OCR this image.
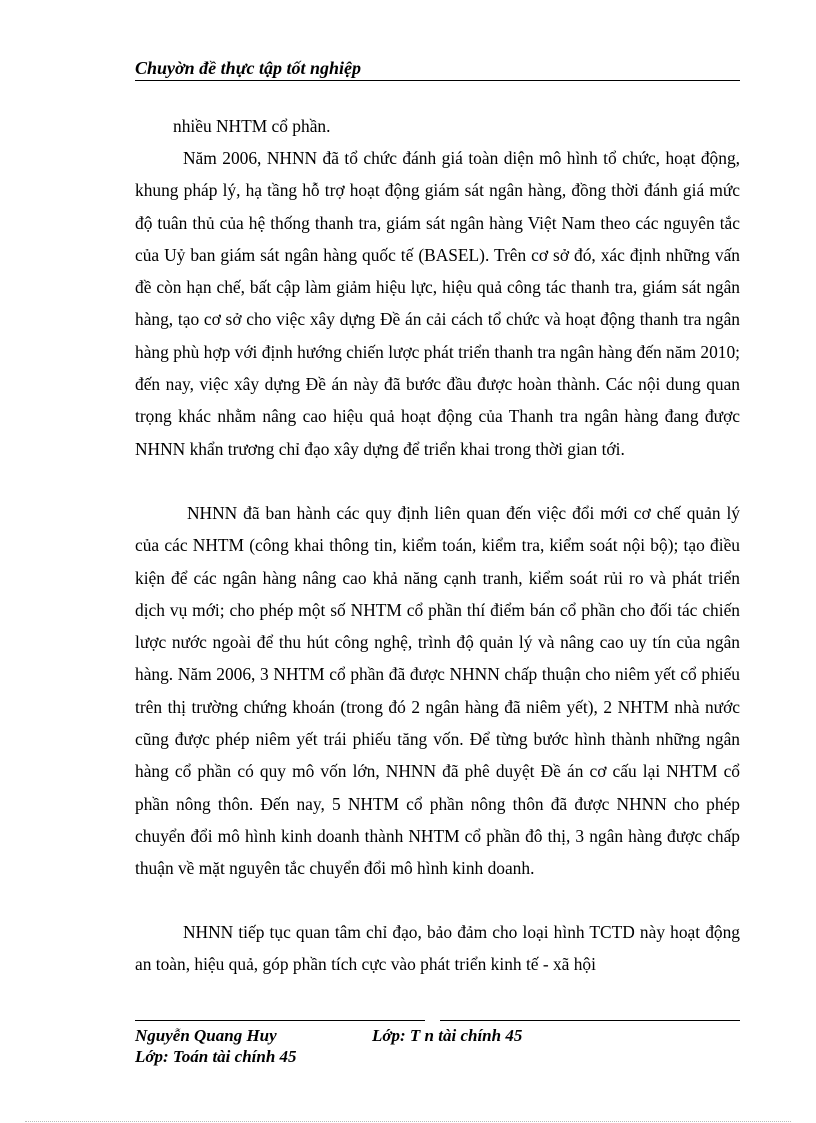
Chuyờn đề thực tập tốt nghiệp

nhiều NHTM cổ phần.

Năm 2006, NHNN đã tổ chức đánh giá toàn diện mô hình tổ chức, hoạt động, khung pháp lý, hạ tầng hỗ trợ hoạt động giám sát ngân hàng, đồng thời đánh giá mức độ tuân thủ của hệ thống thanh tra, giám sát ngân hàng Việt Nam theo các nguyên tắc của Uỷ ban giám sát ngân hàng quốc tế (BASEL). Trên cơ sở đó, xác định những vấn đề còn hạn chế, bất cập làm giảm hiệu lực, hiệu quả công tác thanh tra, giám sát ngân hàng, tạo cơ sở cho việc xây dựng Đề án cải cách tổ chức và hoạt động thanh tra ngân hàng phù hợp với định hướng chiến lược phát triển thanh tra ngân hàng đến năm 2010; đến nay, việc xây dựng Đề án này đã bước đầu được hoàn thành. Các nội dung quan trọng khác nhằm nâng cao hiệu quả hoạt động của Thanh tra ngân hàng đang được NHNN khẩn trương chỉ đạo xây dựng để triển khai trong thời gian tới.

NHNN đã ban hành các quy định liên quan đến việc đổi mới cơ chế quản lý của các NHTM (công khai thông tin, kiểm toán, kiểm tra, kiểm soát nội bộ); tạo điều kiện để các ngân hàng nâng cao khả năng cạnh tranh, kiểm soát rủi ro và phát triển dịch vụ mới; cho phép một số NHTM cổ phần thí điểm bán cổ phần cho đối tác chiến lược nước ngoài để thu hút công nghệ, trình độ quản lý và nâng cao uy tín của ngân hàng. Năm 2006, 3 NHTM cổ phần đã được NHNN chấp thuận cho niêm yết cổ phiếu trên thị trường chứng khoán (trong đó 2 ngân hàng đã niêm yết), 2 NHTM nhà nước cũng được phép niêm yết trái phiếu tăng vốn. Để từng bước hình thành những ngân hàng cổ phần có quy mô vốn lớn, NHNN đã phê duyệt Đề án cơ cấu lại NHTM cổ phần nông thôn. Đến nay, 5 NHTM cổ phần nông thôn đã được NHNN cho phép chuyển đổi mô hình kinh doanh thành NHTM cổ phần đô thị, 3 ngân hàng được chấp thuận về mặt nguyên tắc chuyển đổi mô hình kinh doanh.

NHNN tiếp tục quan tâm chỉ đạo, bảo đảm cho loại hình TCTD này hoạt động an toàn, hiệu quả, góp phần tích cực vào phát triển kinh tế - xã hội

Nguyễn Quang Huy	Lớp: T n tài chính 45
Lớp: Toán tài chính 45
